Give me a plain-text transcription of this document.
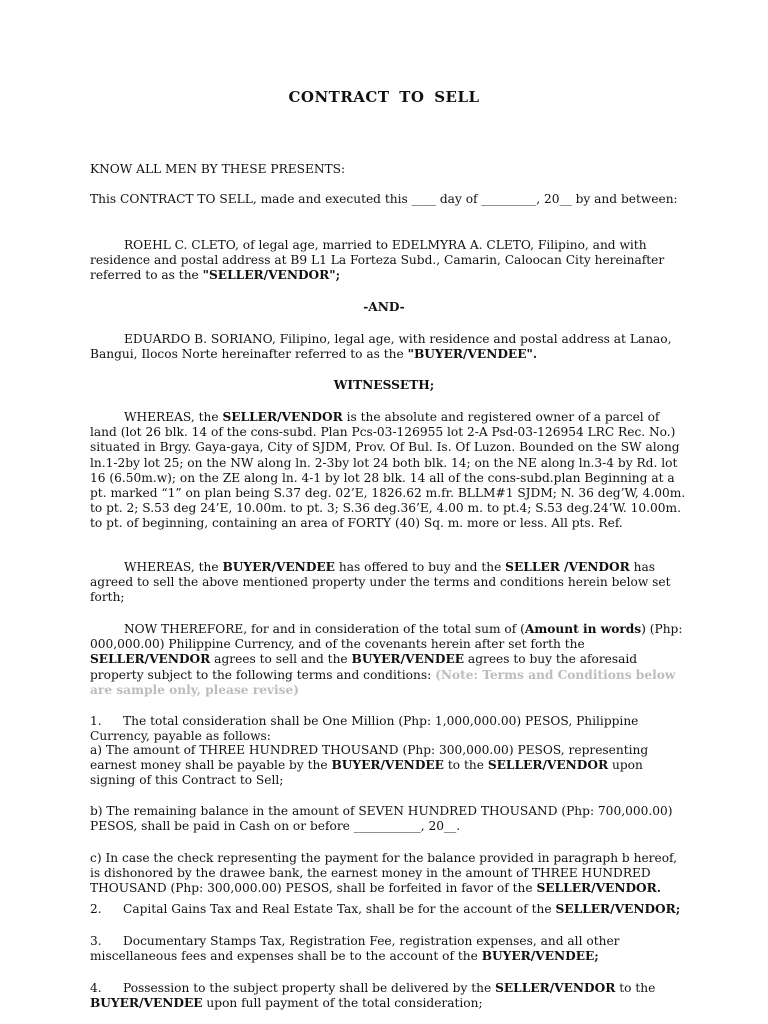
CONTRACT TO SELL

KNOW ALL MEN BY THESE PRESENTS:

This CONTRACT TO SELL, made and executed this ____ day of _________, 20__ by and between:

ROEHL C. CLETO, of legal age, married to EDELMYRA A. CLETO, Filipino, and with residence and postal address at B9 L1 La Forteza Subd., Camarin, Caloocan City hereinafter referred to as the "SELLER/VENDOR";

-AND-

EDUARDO B. SORIANO, Filipino, legal age, with residence and postal address at Lanao, Bangui, Ilocos Norte hereinafter referred to as the "BUYER/VENDEE".

WITNESSETH;

WHEREAS, the SELLER/VENDOR is the absolute and registered owner of a parcel of land (lot 26 blk. 14 of the cons-subd. Plan Pcs-03-126955 lot 2-A Psd-03-126954 LRC Rec. No.) situated in Brgy. Gaya-gaya, City of SJDM, Prov. Of Bul. Is. Of Luzon. Bounded on the SW along ln.1-2by lot 25; on the NW along ln. 2-3by lot 24 both blk. 14; on the NE along ln.3-4 by Rd. lot 16 (6.50m.w); on the ZE along ln. 4-1 by lot 28 blk. 14 all of the cons-subd.plan Beginning at a pt. marked “1” on plan being S.37 deg. 02’E, 1826.62 m.fr. BLLM#1 SJDM; N. 36 deg’W, 4.00m. to pt. 2; S.53 deg 24’E, 10.00m. to pt. 3; S.36 deg.36’E, 4.00 m. to pt.4; S.53 deg.24’W. 10.00m. to pt. of beginning, containing an area of FORTY (40) Sq. m. more or less. All pts. Ref.

WHEREAS, the BUYER/VENDEE has offered to buy and the SELLER /VENDOR has agreed to sell the above mentioned property under the terms and conditions herein below set forth;

NOW THEREFORE, for and in consideration of the total sum of (Amount in words) (Php: 000,000.00) Philippine Currency, and of the covenants herein after set forth the SELLER/VENDOR agrees to sell and the BUYER/VENDEE agrees to buy the aforesaid property subject to the following terms and conditions: (Note: Terms and Conditions below are sample only, please revise)

1. The total consideration shall be One Million (Php: 1,000,000.00) PESOS, Philippine Currency, payable as follows:

a) The amount of THREE HUNDRED THOUSAND (Php: 300,000.00) PESOS, representing earnest money shall be payable by the BUYER/VENDEE to the SELLER/VENDOR upon signing of this Contract to Sell;

b) The remaining balance in the amount of SEVEN HUNDRED THOUSAND (Php: 700,000.00) PESOS, shall be paid in Cash on or before ___________, 20__.

c) In case the check representing the payment for the balance provided in paragraph b hereof, is dishonored by the drawee bank, the earnest money in the amount of THREE HUNDRED THOUSAND (Php: 300,000.00) PESOS, shall be forfeited in favor of the SELLER/VENDOR.

2. Capital Gains Tax and Real Estate Tax, shall be for the account of the SELLER/VENDOR;

3. Documentary Stamps Tax, Registration Fee, registration expenses, and all other miscellaneous fees and expenses shall be to the account of the BUYER/VENDEE;

4. Possession to the subject property shall be delivered by the SELLER/VENDOR to the BUYER/VENDEE upon full payment of the total consideration;
